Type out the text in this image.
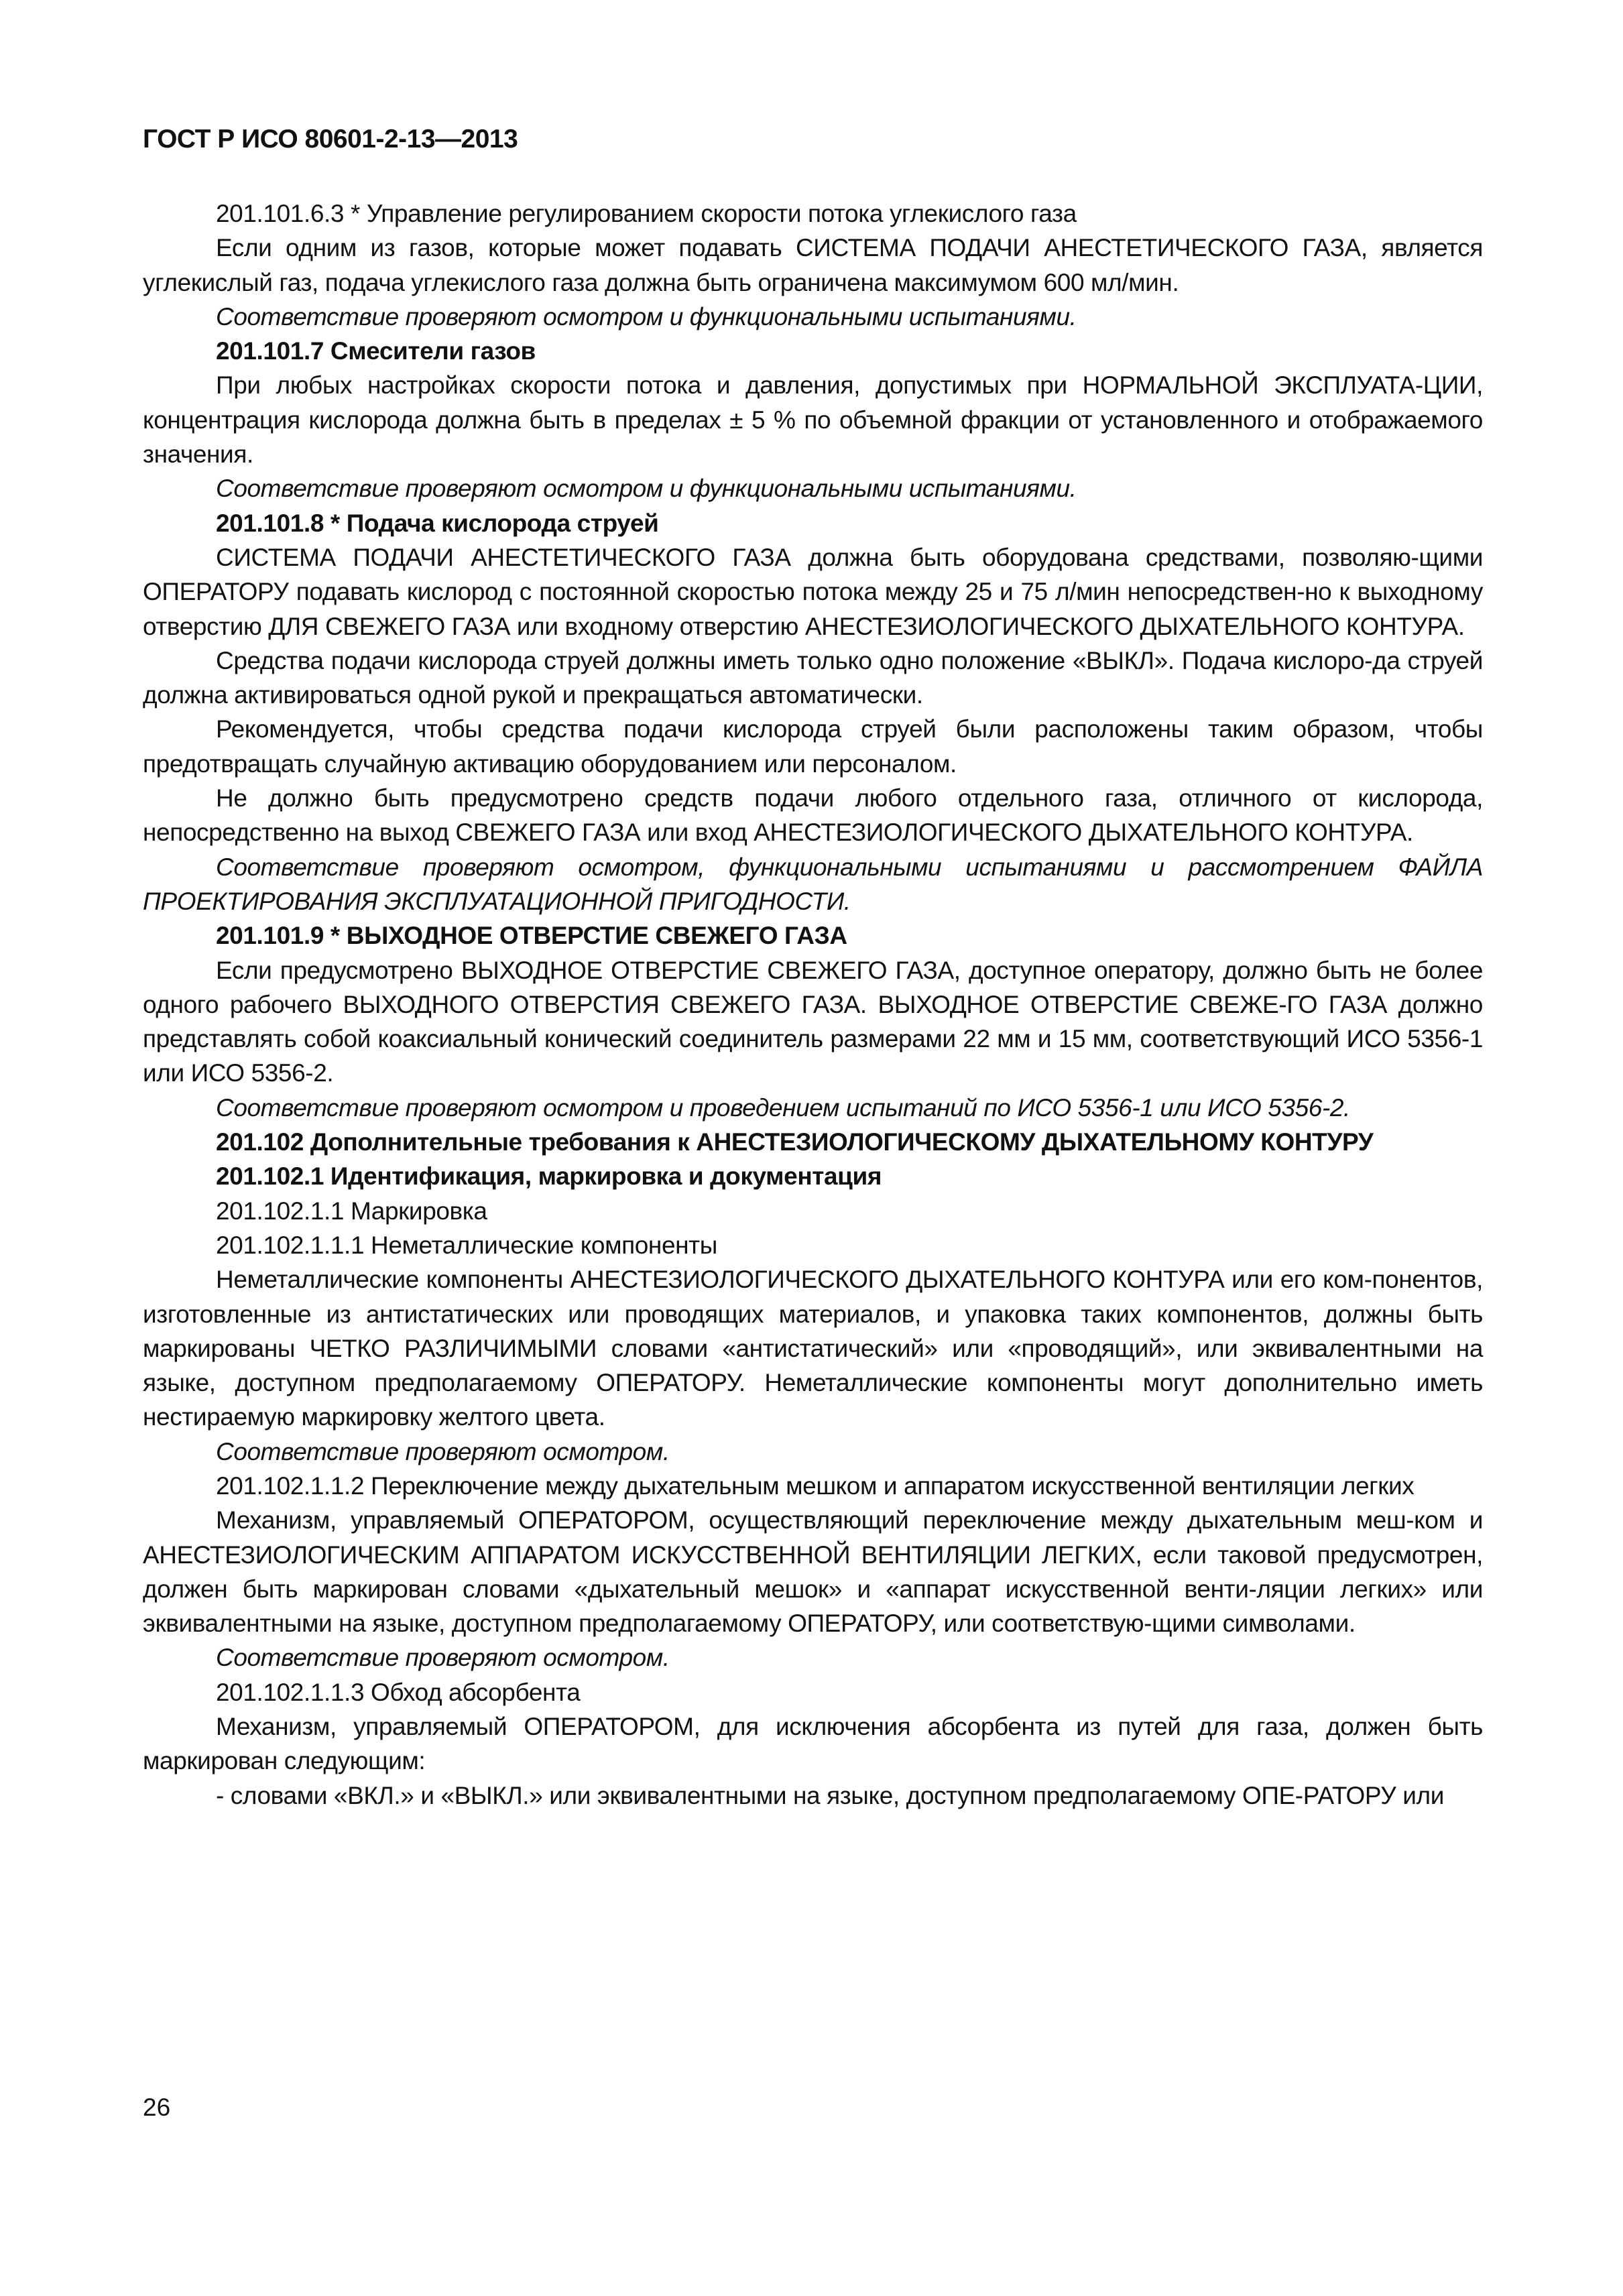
ГОСТ Р ИСО 80601-2-13—2013

201.101.6.3 * Управление регулированием скорости потока углекислого газа

Если одним из газов, которые может подавать СИСТЕМА ПОДАЧИ АНЕСТЕТИЧЕСКОГО ГАЗА, является углекислый газ, подача углекислого газа должна быть ограничена максимумом 600 мл/мин.

Соответствие проверяют осмотром и функциональными испытаниями.

201.101.7 Смесители газов

При любых настройках скорости потока и давления, допустимых при НОРМАЛЬНОЙ ЭКСПЛУАТА-ЦИИ, концентрация кислорода должна быть в пределах ± 5 % по объемной фракции от установленного и отображаемого значения.

Соответствие проверяют осмотром и функциональными испытаниями.

201.101.8 * Подача кислорода струей

СИСТЕМА ПОДАЧИ АНЕСТЕТИЧЕСКОГО ГАЗА должна быть оборудована средствами, позволяю-щими ОПЕРАТОРУ подавать кислород с постоянной скоростью потока между 25 и 75 л/мин непосредствен-но к выходному отверстию ДЛЯ СВЕЖЕГО ГАЗА или входному отверстию АНЕСТЕЗИОЛОГИЧЕСКОГО ДЫХАТЕЛЬНОГО КОНТУРА.

Средства подачи кислорода струей должны иметь только одно положение «ВЫКЛ». Подача кислоро-да струей должна активироваться одной рукой и прекращаться автоматически.

Рекомендуется, чтобы средства подачи кислорода струей были расположены таким образом, чтобы предотвращать случайную активацию оборудованием или персоналом.

Не должно быть предусмотрено средств подачи любого отдельного газа, отличного от кислорода, непосредственно на выход СВЕЖЕГО ГАЗА или вход АНЕСТЕЗИОЛОГИЧЕСКОГО ДЫХАТЕЛЬНОГО КОНТУРА.

Соответствие проверяют осмотром, функциональными испытаниями и рассмотрением ФАЙЛА ПРОЕКТИРОВАНИЯ ЭКСПЛУАТАЦИОННОЙ ПРИГОДНОСТИ.

201.101.9 * ВЫХОДНОЕ ОТВЕРСТИЕ СВЕЖЕГО ГАЗА

Если предусмотрено ВЫХОДНОЕ ОТВЕРСТИЕ СВЕЖЕГО ГАЗА, доступное оператору, должно быть не более одного рабочего ВЫХОДНОГО ОТВЕРСТИЯ СВЕЖЕГО ГАЗА. ВЫХОДНОЕ ОТВЕРСТИЕ СВЕЖЕ-ГО ГАЗА должно представлять собой коаксиальный конический соединитель размерами 22 мм и 15 мм, соответствующий ИСО 5356-1 или ИСО 5356-2.

Соответствие проверяют осмотром и проведением испытаний по ИСО 5356-1 или ИСО 5356-2.

201.102 Дополнительные требования к АНЕСТЕЗИОЛОГИЧЕСКОМУ ДЫХАТЕЛЬНОМУ КОНТУРУ

201.102.1 Идентификация, маркировка и документация

201.102.1.1 Маркировка

201.102.1.1.1 Неметаллические компоненты

Неметаллические компоненты АНЕСТЕЗИОЛОГИЧЕСКОГО ДЫХАТЕЛЬНОГО КОНТУРА или его ком-понентов, изготовленные из антистатических или проводящих материалов, и упаковка таких компонентов, должны быть маркированы ЧЕТКО РАЗЛИЧИМЫМИ словами «антистатический» или «проводящий», или эквивалентными на языке, доступном предполагаемому ОПЕРАТОРУ. Неметаллические компоненты могут дополнительно иметь нестираемую маркировку желтого цвета.

Соответствие проверяют осмотром.

201.102.1.1.2 Переключение между дыхательным мешком и аппаратом искусственной вентиляции легких

Механизм, управляемый ОПЕРАТОРОМ, осуществляющий переключение между дыхательным меш-ком и АНЕСТЕЗИОЛОГИЧЕСКИМ АППАРАТОМ ИСКУССТВЕННОЙ ВЕНТИЛЯЦИИ ЛЕГКИХ, если таковой предусмотрен, должен быть маркирован словами «дыхательный мешок» и «аппарат искусственной венти-ляции легких» или эквивалентными на языке, доступном предполагаемому ОПЕРАТОРУ, или соответствую-щими символами.

Соответствие проверяют осмотром.

201.102.1.1.3 Обход абсорбента

Механизм, управляемый ОПЕРАТОРОМ, для исключения абсорбента из путей для газа, должен быть маркирован следующим:

- словами «ВКЛ.» и «ВЫКЛ.» или эквивалентными на языке, доступном предполагаемому ОПЕ-РАТОРУ или

26
